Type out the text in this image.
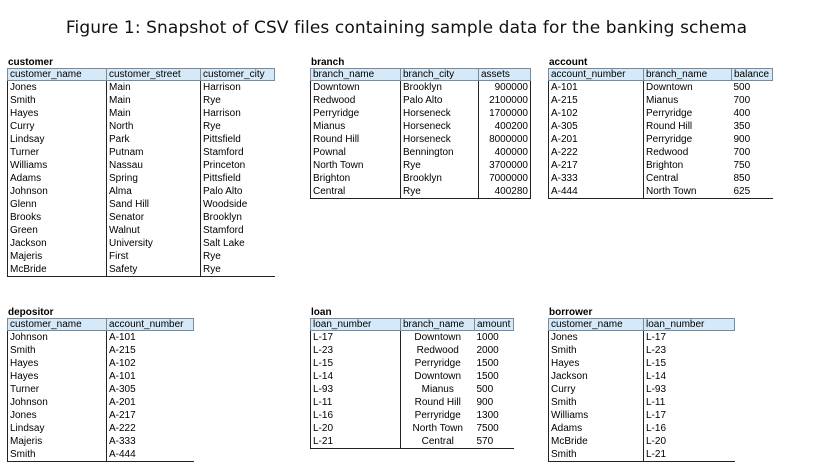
Figure 1: Snapshot of CSV files containing sample data for the banking schema
customer
customer_name	customer_street	customer_city
Jones	Main	Harrison
Smith	Main	Rye
Hayes	Main	Harrison
Curry	North	Rye
Lindsay	Park	Pittsfield
Turner	Putnam	Stamford
Williams	Nassau	Princeton
Adams	Spring	Pittsfield
Johnson	Alma	Palo Alto
Glenn	Sand Hill	Woodside
Brooks	Senator	Brooklyn
Green	Walnut	Stamford
Jackson	University	Salt Lake
Majeris	First	Rye
McBride	Safety	Rye
branch
branch_name	branch_city	assets
Downtown	Brooklyn	900000
Redwood	Palo Alto	2100000
Perryridge	Horseneck	1700000
Mianus	Horseneck	400200
Round Hill	Horseneck	8000000
Pownal	Bennington	400000
North Town	Rye	3700000
Brighton	Brooklyn	7000000
Central	Rye	400280
account
account_number	branch_name	balance
A-101	Downtown	500
A-215	Mianus	700
A-102	Perryridge	400
A-305	Round Hill	350
A-201	Perryridge	900
A-222	Redwood	700
A-217	Brighton	750
A-333	Central	850
A-444	North Town	625
depositor
customer_name	account_number
Johnson	A-101
Smith	A-215
Hayes	A-102
Hayes	A-101
Turner	A-305
Johnson	A-201
Jones	A-217
Lindsay	A-222
Majeris	A-333
Smith	A-444
loan
loan_number	branch_name	amount
L-17	Downtown	1000
L-23	Redwood	2000
L-15	Perryridge	1500
L-14	Downtown	1500
L-93	Mianus	500
L-11	Round Hill	900
L-16	Perryridge	1300
L-20	North Town	7500
L-21	Central	570
borrower
customer_name	loan_number
Jones	L-17
Smith	L-23
Hayes	L-15
Jackson	L-14
Curry	L-93
Smith	L-11
Williams	L-17
Adams	L-16
McBride	L-20
Smith	L-21
